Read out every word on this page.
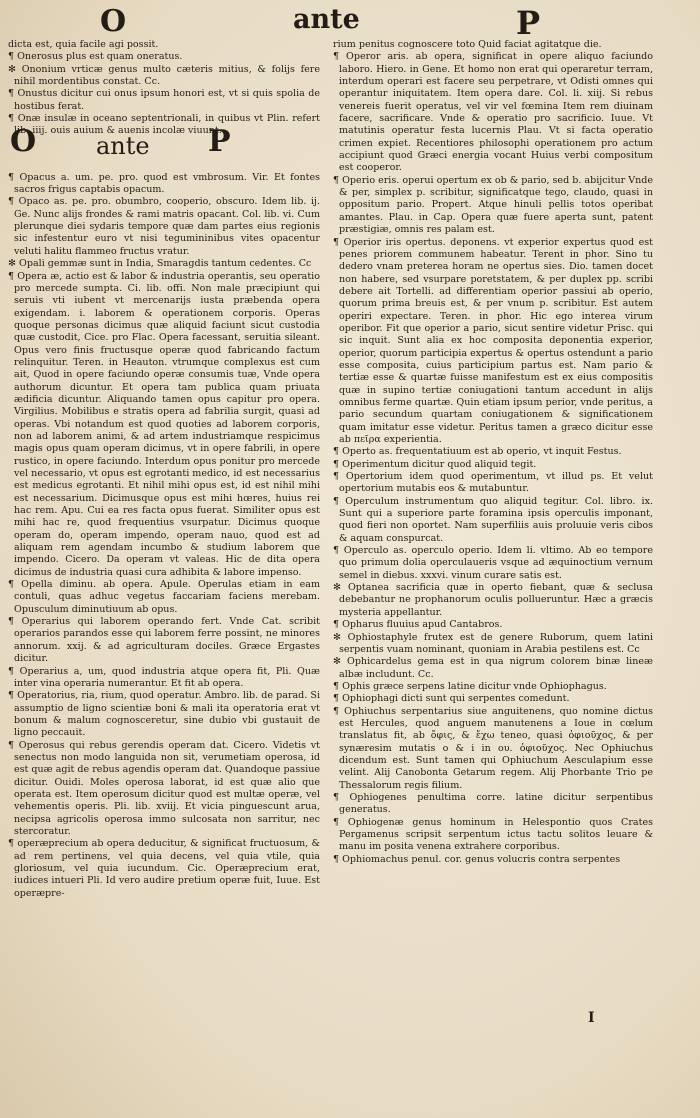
O	ante	P

dicta est, quia facile agi possit.

¶ Onerosus plus est quam oneratus.

✻ Ononium vrticæ genus multo cæteris mitius, & folijs fere nihil mordentibus constat. Cc.

¶ Onustus dicitur cui onus ipsum honori est, vt si quis spolia de hostibus ferat.

¶ Onæ insulæ in oceano septentrionali, in quibus vt Plin. refert lib. iiij. ouis auium & auenis incolæ viuunt.

O ante P

¶ Opacus a. um. pe. pro. quod est vmbrosum. Vir. Et fontes sacros frigus captabis opacum.

¶ Opaco as. pe. pro. obumbro, cooperio, obscuro. Idem lib. ij. Ge. Nunc alijs frondes & rami matris opacant. Col. lib. vi. Cum plerunque diei sydaris tempore quæ dam partes eius regionis sic infestentur euro vt nisi tegumininibus vites opacentur veluti halitu flammeo fructus vratur.

✻ Opali gemmæ sunt in India, Smaragdis tantum cedentes. Cc

¶ Opera æ, actio est & labor & industria operantis, seu operatio pro mercede sumpta. Ci. lib. offi. Non male præcipiunt qui seruis vti iubent vt mercenarijs iusta præbenda opera exigendam. i. laborem & operationem corporis. Operas quoque personas dicimus quæ aliquid faciunt sicut custodia quæ custodit, Cice. pro Flac. Opera facessant, seruitia sileant. Opus vero finis fructusque operæ quod fabricando factum relinquitur. Teren. in Heauton. vtrumque complexus est cum ait, Quod in opere faciundo operæ consumis tuæ, Vnde opera authorum dicuntur. Et opera tam publica quam priuata ædificia dicuntur. Aliquando tamen opus capitur pro opera. Virgilius. Mobilibus e stratis opera ad fabrilia surgit, quasi ad operas. Vbi notandum est quod quoties ad laborem corporis, non ad laborem animi, & ad artem industriamque respicimus magis opus quam operam dicimus, vt in opere fabrili, in opere rustico, in opere faciundo. Interdum opus ponitur pro mercede vel necessario, vt opus est egrotanti medico, id est necessarius est medicus egrotanti. Et nihil mihi opus est, id est nihil mihi est necessarium. Dicimusque opus est mihi hœres, huius rei hac rem. Apu. Cui ea res facta opus fuerat. Similiter opus est mihi hac re, quod frequentius vsurpatur. Dicimus quoque operam do, operam impendo, operam nauo, quod est ad aliquam rem agendam incumbo & studium laborem que impendo. Cicero. Da operam vt valeas. Hic de dita opera dicimus de industria quasi cura adhibita & labore impenso.

¶ Opella diminu. ab opera. Apule. Operulas etiam in eam contuli, quas adhuc vegetus faccariam faciens merebam. Opusculum diminutiuum ab opus.

¶ Operarius qui laborem operando fert. Vnde Cat. scribit operarios parandos esse qui laborem ferre possint, ne minores annorum. xxij. & ad agriculturam dociles. Græce Ergastes dicitur.

¶ Operarius a, um, quod industria atque opera fit, Pli. Quæ inter vina operaria numerantur. Et fit ab opera.

¶ Operatorius, ria, rium, quod operatur. Ambro. lib. de parad. Si assumptio de ligno scientiæ boni & mali ita operatoria erat vt bonum & malum cognosceretur, sine dubio vbi gustauit de ligno peccauit.

¶ Operosus qui rebus gerendis operam dat. Cicero. Videtis vt senectus non modo languida non sit, verumetiam operosa, id est quæ agit de rebus agendis operam dat. Quandoque passiue dicitur. Ouidi. Moles operosa laborat, id est quæ alio que operata est. Item operosum dicitur quod est multæ operæ, vel vehementis operis. Pli. lib. xviij. Et vicia pinguescunt arua, necipsa agricolis operosa immo sulcosata non sarritur, nec stercoratur.

¶ operæprecium ab opera deducitur, & significat fructuosum, & ad rem pertinens, vel quia decens, vel quia vtile, quia gloriosum, vel quia iucundum. Cic. Operæprecium erat, iudices intueri Pli. Id vero audire pretium operæ fuit, Iuue. Est operæpre-

rium penitus cognoscere toto Quid faciat agitatque die.

¶ Operor aris. ab opera, significat in opere aliquo faciundo laboro. Hiero. in Gene. Et homo non erat qui operaretur terram, interdum operari est facere seu perpetrare, vt Odisti omnes qui operantur iniquitatem. Item opera dare. Col. li. xiij. Si rebus venereis fuerit operatus, vel vir vel fœmina Item rem diuinam facere, sacrificare. Vnde & operatio pro sacrificio. Iuue. Vt matutinis operatur festa lucernis Plau. Vt si facta operatio crimen expiet. Recentiores philosophi operationem pro actum accipiunt quod Græci energia vocant Huius verbi compositum est cooperor.

¶ Operio eris. operui opertum ex ob & pario, sed b. abijcitur Vnde & per, simplex p. scribitur, significatque tego, claudo, quasi in oppositum pario. Propert. Atque hinuli pellis totos operibat amantes. Plau. in Cap. Opera quæ fuere aperta sunt, patent præstigiæ, omnis res palam est.

¶ Operior iris opertus. deponens. vt experior expertus quod est penes priorem communem habeatur. Terent in phor. Sino tu dedero vnam preterea horam ne opertus sies. Dio. tamen docet non habere, sed vsurpare poretstatem, & per duplex pp. scribi debere ait Tortelli. ad differentiam operior passiui ab operio, quorum prima breuis est, & per vnum p. scribitur. Est autem operiri expectare. Teren. in phor. Hic ego interea virum operibor. Fit que operior a pario, sicut sentire videtur Prisc. qui sic inquit. Sunt alia ex hoc composita deponentia experior, operior, quorum participia expertus & opertus ostendunt a pario esse composita, cuius participium partus est. Nam pario & tertiæ esse & quartæ fuisse manifestum est ex eius compositis quæ in supino tertiæ coniugationi tantum accedunt in alijs omnibus ferme quartæ. Quin etiam ipsum perior, vnde peritus, a pario secundum quartam coniugationem & significationem quam imitatur esse videtur. Peritus tamen a græco dicitur esse ab πεῖρα experientia.

¶ Operto as. frequentatiuum est ab operio, vt inquit Festus.

¶ Operimentum dicitur quod aliquid tegit.

¶ Opertorium idem quod operimentum, vt illud ps. Et velut opertorium mutabis eos & mutabuntur.

¶ Operculum instrumentum quo aliquid tegitur. Col. libro. ix. Sunt qui a superiore parte foramina ipsis operculis imponant, quod fieri non oportet. Nam superfiliis auis proluuie veris cibos & aquam conspurcat.

¶ Operculo as. operculo operio. Idem li. vltimo. Ab eo tempore quo primum dolia operculaueris vsque ad æquinoctium vernum semel in diebus. xxxvi. vinum curare satis est.

✻ Optanea sacrificia quæ in operto fiebant, quæ & seclusa debebantur ne prophanorum oculis pollueruntur. Hæc a græcis mysteria appellantur.

¶ Opharus fluuius apud Cantabros.

✻ Ophiostaphyle frutex est de genere Ruborum, quem latini serpentis vuam nominant, quoniam in Arabia pestilens est. Cc

✻ Ophicardelus gema est in qua nigrum colorem binæ lineæ albæ includunt. Cc.

¶ Ophis græce serpens latine dicitur vnde Ophiophagus.

¶ Ophiophagi dicti sunt qui serpentes comedunt.

¶ Ophiuchus serpentarius siue anguitenens, quo nomine dictus est Hercules, quod anguem manutenens a Ioue in cœlum translatus fit, ab ὄφις, & ἔχω teneo, quasi ὀφιοῦχος, & per synæresim mutatis o & i in ου. ὀφιοῦχος. Nec Ophiuchus dicendum est. Sunt tamen qui Ophiuchum Aesculapium esse velint. Alij Canobonta Getarum regem. Alij Phorbante Trio pe Thessalorum regis filium.

¶ Ophiogenes penultima corre. latine dicitur serpentibus generatus.

¶ Ophiogenæ genus hominum in Helespontio quos Crates Pergamenus scripsit serpentum ictus tactu solitos leuare & manu im posita venena extrahere corporibus.

¶ Ophiomachus penul. cor. genus volucris contra serpentes

I
